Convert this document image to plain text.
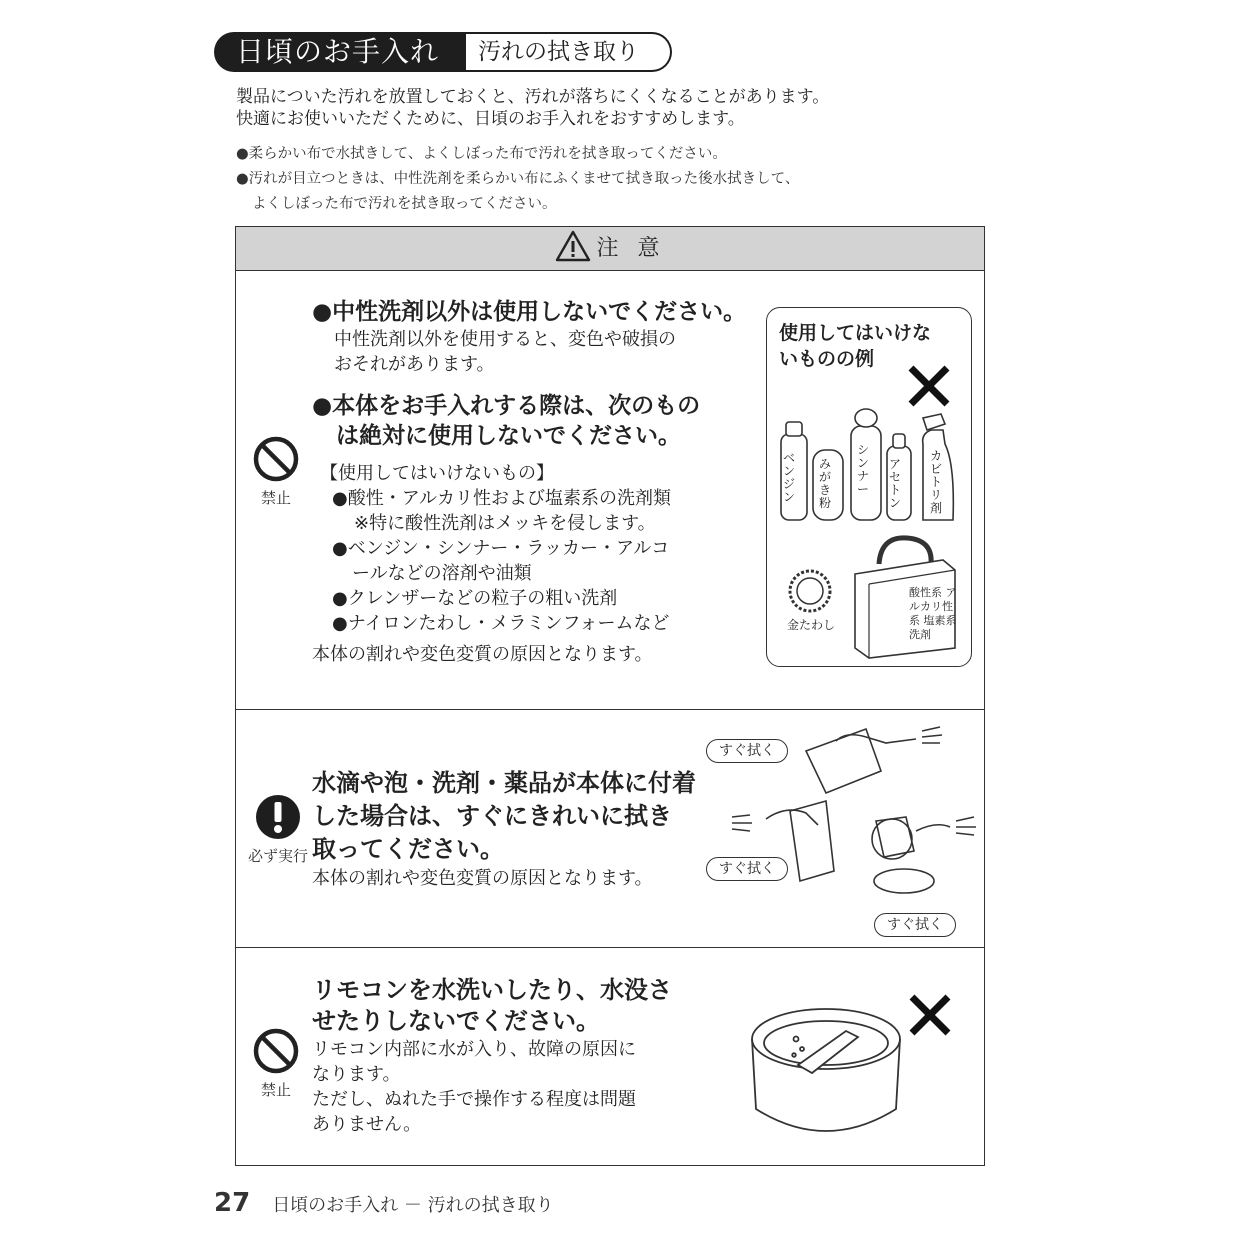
日頃のお手入れ	汚れの拭き取り
製品についた汚れを放置しておくと、汚れが落ちにくくなることがあります。
快適にお使いいただくために、日頃のお手入れをおすすめします。
●柔らかい布で水拭きして、よくしぼった布で汚れを拭き取ってください。
●汚れが目立つときは、中性洗剤を柔らかい布にふくませて拭き取った後水拭きして、
よくしぼった布で汚れを拭き取ってください。
注 意
禁止
●中性洗剤以外は使用しないでください。
中性洗剤以外を使用すると、変色や破損の
おそれがあります。
●本体をお手入れする際は、次のもの
は絶対に使用しないでください。
【使用してはいけないもの】
●酸性・アルカリ性および塩素系の洗剤類
※特に酸性洗剤はメッキを侵します。
●ベンジン・シンナー・ラッカー・アルコ
ールなどの溶剤や油類
●クレンザーなどの粒子の粗い洗剤
●ナイロンたわし・メラミンフォームなど
本体の割れや変色変質の原因となります。
使用してはいけな
いものの例
ベンジン
みがき粉
シンナー
アセトン
カビトリ剤
金たわし
酸性系 アルカリ性系 塩素系 洗剤
必ず実行
水滴や泡・洗剤・薬品が本体に付着
した場合は、すぐにきれいに拭き
取ってください。
本体の割れや変色変質の原因となります。
すぐ拭く
すぐ拭く
すぐ拭く
禁止
リモコンを水洗いしたり、水没さ
せたりしないでください。
リモコン内部に水が入り、故障の原因に
なります。
ただし、ぬれた手で操作する程度は問題
ありません。
27 日頃のお手入れ － 汚れの拭き取り
